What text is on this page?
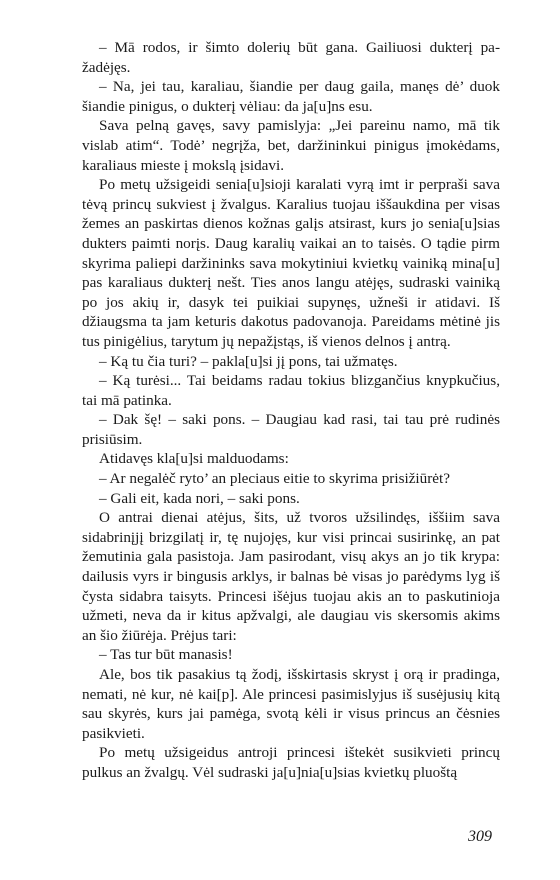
– Mā rodos, ir šimto dolerių būt gana. Gailiuosi dukterį pažadėjęs.

– Na, jei tau, karaliau, šiandie per daug gaila, manęs dė’ duok šiandie pinigus, o dukterį vėliau: da ja[u]ns esu.

Sava pelną gavęs, savy pamislyja: „Jei pareinu namo, mā tik vislab atim“. Todė’ negrįža, bet, daržininkui pinigus įmokėdams, karaliaus mieste į mokslą įsidavi.

Po metų užsigeidi senia[u]sioji karalati vyrą imt ir perpraši sava tėvą princų sukviest į žvalgus. Karalius tuojau iššaukdina per visas žemes an paskirtas dienos kožnas galįs atsirast, kurs jo senia[u]sias dukters paimti norįs. Daug karalių vaikai an to taisės. O tądie pirm skyrima paliepi daržininks sava mokytiniui kvietkų vainiką mina[u] pas karaliaus dukterį nešt. Ties anos langu atėjęs, sudraski vainiką po jos akių ir, dasyk tei puikiai supynęs, užneši ir atidavi. Iš džiaugsma ta jam keturis dakotus padovanoja. Pareidams mėtinė jis tus pinigėlius, tarytum jų nepažįstąs, iš vienos delnos į antrą.

– Ką tu čia turi? – pakla[u]si jį pons, tai užmatęs.

– Ką turėsi... Tai beidams radau tokius blizgančius knypkučius, tai mā patinka.

– Dak šę! – saki pons. – Daugiau kad rasi, tai tau prė rudinės prisiūsim.

Atidavęs kla[u]si malduodams:

– Ar negalėč ryto’ an pleciaus eitie to skyrima prisižiūrėt?

– Gali eit, kada nori, – saki pons.

O antrai dienai atėjus, šits, už tvoros užsilindęs, iššiim sava sidabrinįjį brizgilatį ir, tę nujojęs, kur visi princai susirinkę, an pat žemutinia gala pasistoja. Jam pasirodant, visų akys an jo tik krypa: dailusis vyrs ir bingusis arklys, ir balnas bė visas jo parėdyms lyg iš čysta sidabra taisyts. Princesi išėjus tuojau akis an to paskutinioja užmeti, neva da ir kitus apžvalgi, ale daugiau vis skersomis akims an šio žiūrėja. Prėjus tari:

– Tas tur būt manasis!

Ale, bos tik pasakius tą žodį, išskirtasis skryst į orą ir pradinga, nemati, nė kur, nė kai[p]. Ale princesi pasimislyjus iš susėjusių kitą sau skyrės, kurs jai pamėga, svotą kėli ir visus princus an čėsnies pasikvieti.

Po metų užsigeidus antroji princesi ištekėt susikvieti princų pulkus an žvalgų. Vėl sudraski ja[u]nia[u]sias kvietkų pluoštą

309
